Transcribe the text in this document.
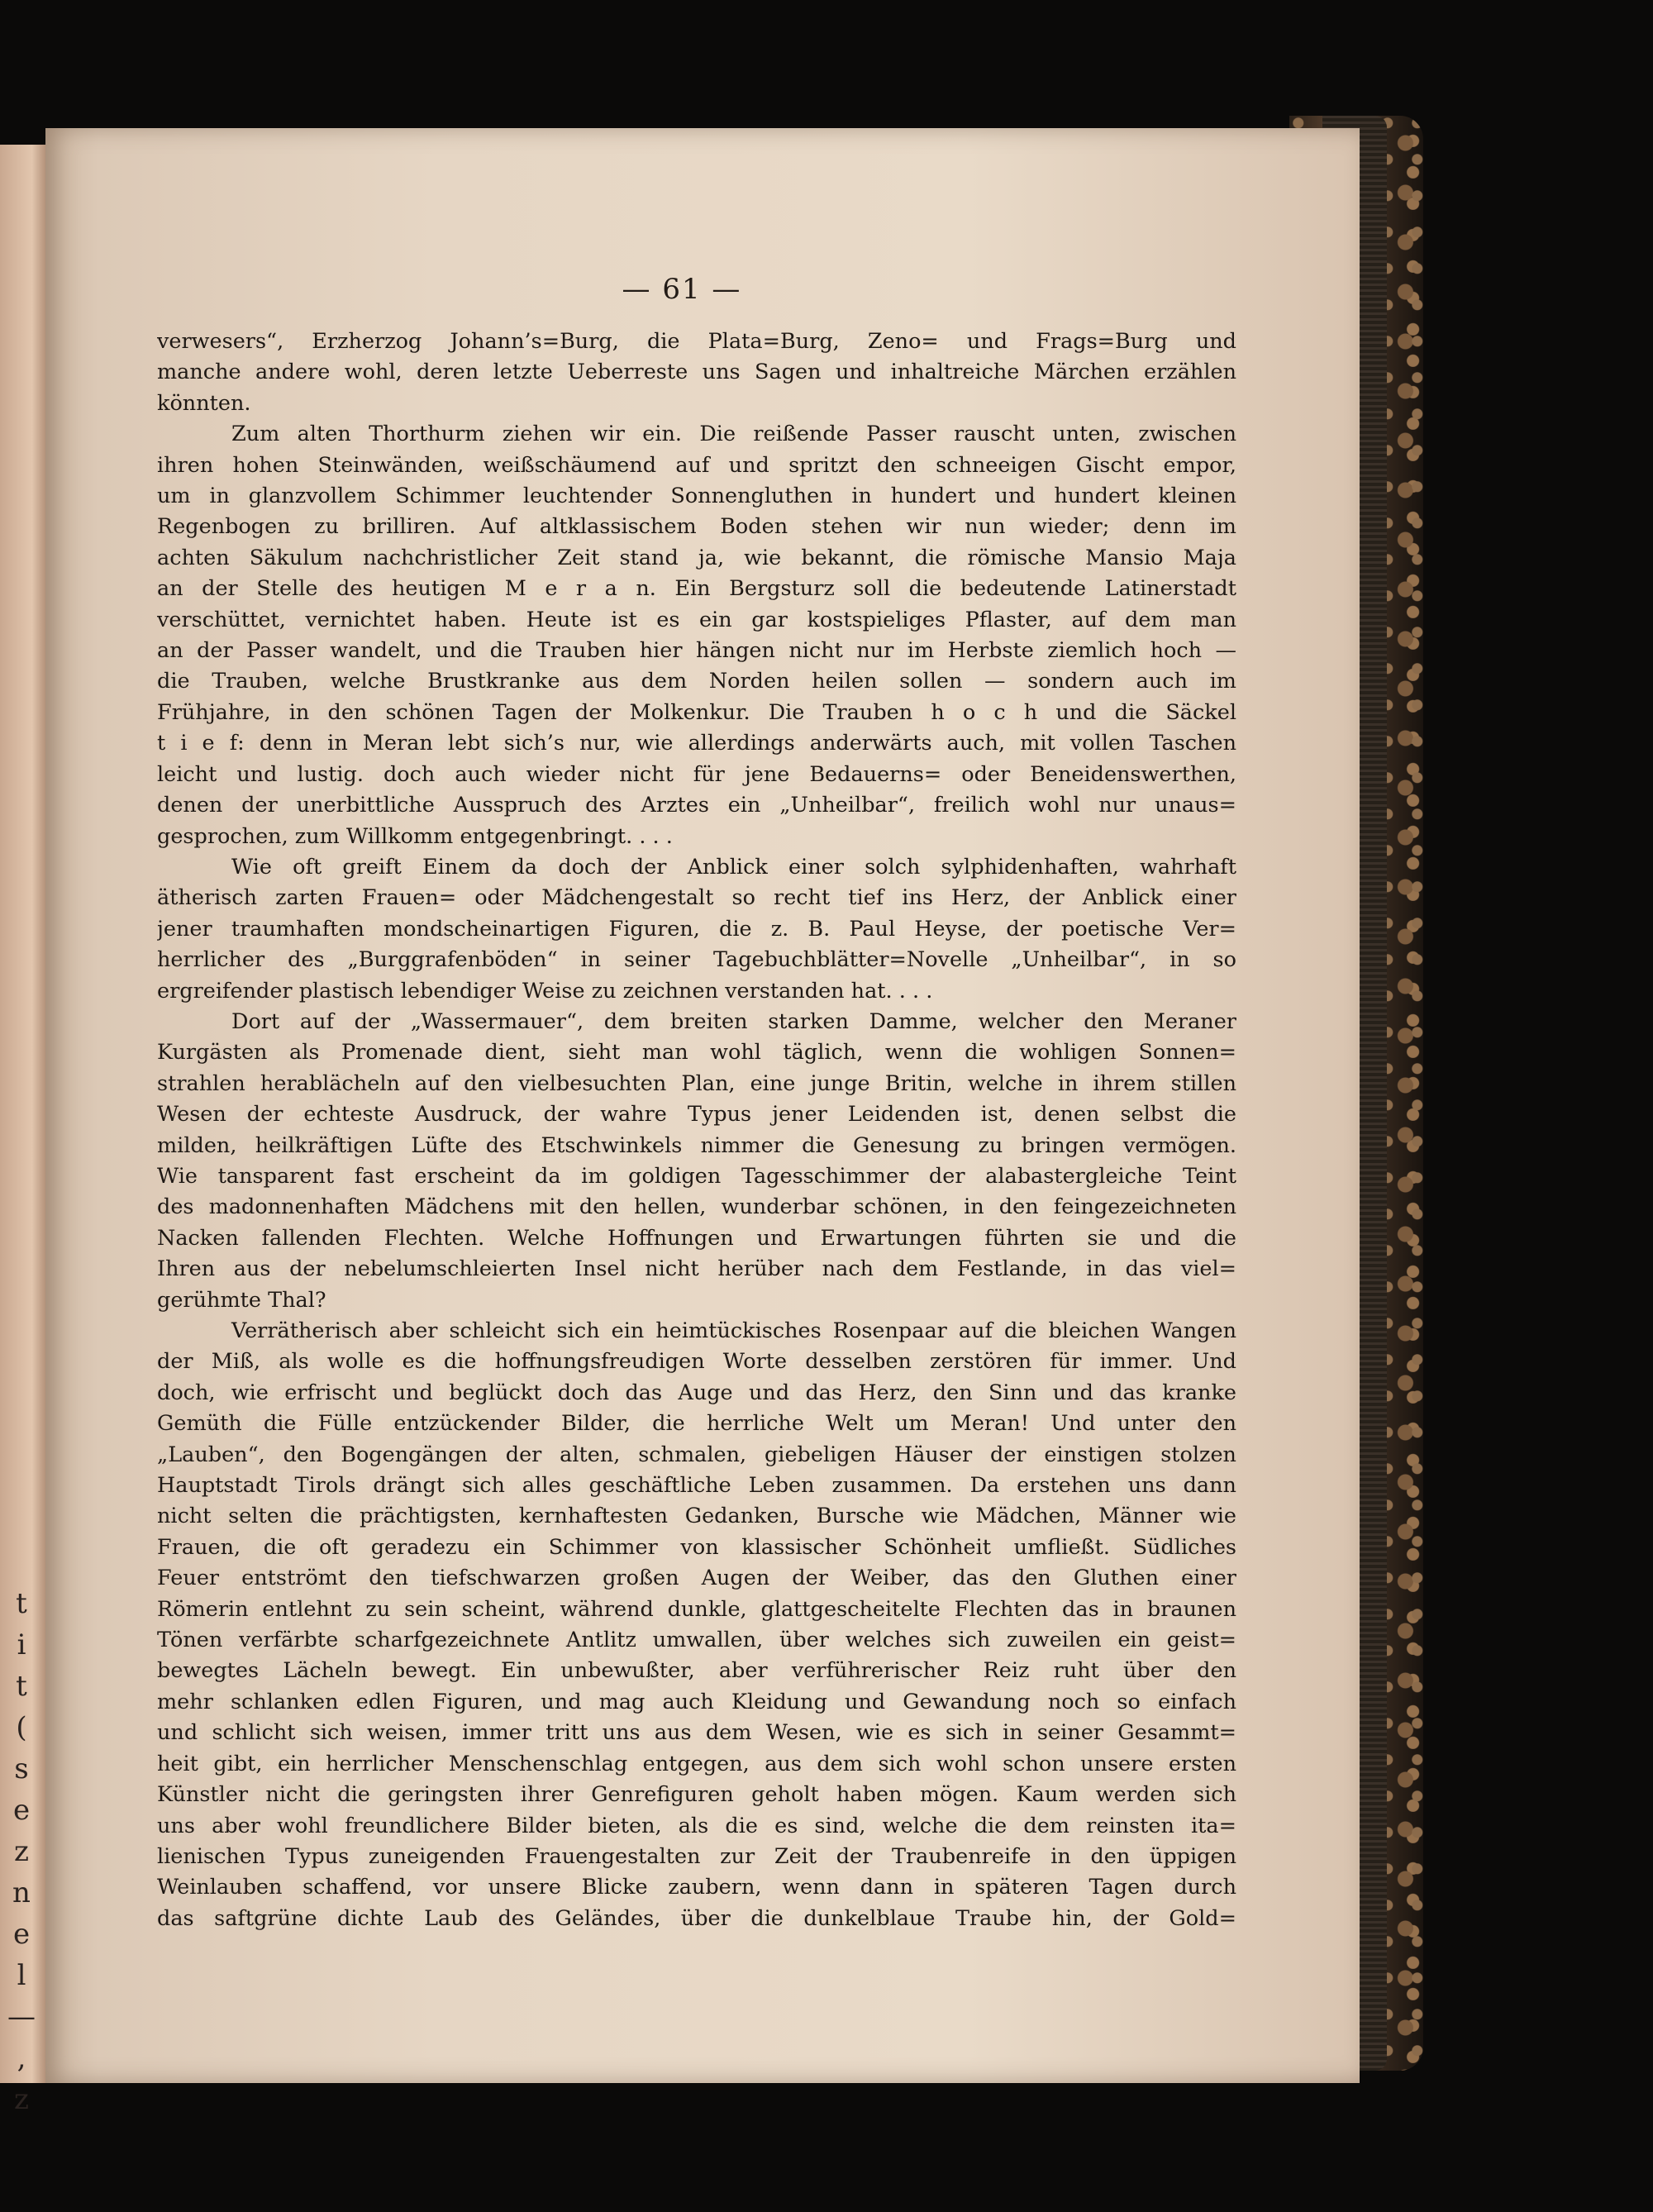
t
i
t
(
s
e
z
n
e
l
—
,
z
— 61 —
verwesers“, Erzherzog Johann’s=Burg, die Plata=Burg, Zeno= und Frags=Burg und
manche andere wohl, deren letzte Ueberreste uns Sagen und inhaltreiche Märchen erzählen
könnten.
Zum alten Thorthurm ziehen wir ein. Die reißende Passer rauscht unten, zwischen
ihren hohen Steinwänden, weißschäumend auf und spritzt den schneeigen Gischt empor,
um in glanzvollem Schimmer leuchtender Sonnengluthen in hundert und hundert kleinen
Regenbogen zu brilliren. Auf altklassischem Boden stehen wir nun wieder; denn im
achten Säkulum nachchristlicher Zeit stand ja, wie bekannt, die römische Mansio Maja
an der Stelle des heutigen M e r a n. Ein Bergsturz soll die bedeutende Latinerstadt
verschüttet, vernichtet haben. Heute ist es ein gar kostspieliges Pflaster, auf dem man
an der Passer wandelt, und die Trauben hier hängen nicht nur im Herbste ziemlich hoch —
die Trauben, welche Brustkranke aus dem Norden heilen sollen — sondern auch im
Frühjahre, in den schönen Tagen der Molkenkur. Die Trauben h o c h und die Säckel
t i e f: denn in Meran lebt sich’s nur, wie allerdings anderwärts auch, mit vollen Taschen
leicht und lustig. doch auch wieder nicht für jene Bedauerns= oder Beneidenswerthen,
denen der unerbittliche Ausspruch des Arztes ein „Unheilbar“, freilich wohl nur unaus=
gesprochen, zum Willkomm entgegenbringt. . . .
Wie oft greift Einem da doch der Anblick einer solch sylphidenhaften, wahrhaft
ätherisch zarten Frauen= oder Mädchengestalt so recht tief ins Herz, der Anblick einer
jener traumhaften mondscheinartigen Figuren, die z. B. Paul Heyse, der poetische Ver=
herrlicher des „Burggrafenböden“ in seiner Tagebuchblätter=Novelle „Unheilbar“, in so
ergreifender plastisch lebendiger Weise zu zeichnen verstanden hat. . . .
Dort auf der „Wassermauer“, dem breiten starken Damme, welcher den Meraner
Kurgästen als Promenade dient, sieht man wohl täglich, wenn die wohligen Sonnen=
strahlen herablächeln auf den vielbesuchten Plan, eine junge Britin, welche in ihrem stillen
Wesen der echteste Ausdruck, der wahre Typus jener Leidenden ist, denen selbst die
milden, heilkräftigen Lüfte des Etschwinkels nimmer die Genesung zu bringen vermögen.
Wie tansparent fast erscheint da im goldigen Tagesschimmer der alabastergleiche Teint
des madonnenhaften Mädchens mit den hellen, wunderbar schönen, in den feingezeichneten
Nacken fallenden Flechten. Welche Hoffnungen und Erwartungen führten sie und die
Ihren aus der nebelumschleierten Insel nicht herüber nach dem Festlande, in das viel=
gerühmte Thal?
Verrätherisch aber schleicht sich ein heimtückisches Rosenpaar auf die bleichen Wangen
der Miß, als wolle es die hoffnungsfreudigen Worte desselben zerstören für immer. Und
doch, wie erfrischt und beglückt doch das Auge und das Herz, den Sinn und das kranke
Gemüth die Fülle entzückender Bilder, die herrliche Welt um Meran! Und unter den
„Lauben“, den Bogengängen der alten, schmalen, giebeligen Häuser der einstigen stolzen
Hauptstadt Tirols drängt sich alles geschäftliche Leben zusammen. Da erstehen uns dann
nicht selten die prächtigsten, kernhaftesten Gedanken, Bursche wie Mädchen, Männer wie
Frauen, die oft geradezu ein Schimmer von klassischer Schönheit umfließt. Südliches
Feuer entströmt den tiefschwarzen großen Augen der Weiber, das den Gluthen einer
Römerin entlehnt zu sein scheint, während dunkle, glattgescheitelte Flechten das in braunen
Tönen verfärbte scharfgezeichnete Antlitz umwallen, über welches sich zuweilen ein geist=
bewegtes Lächeln bewegt. Ein unbewußter, aber verführerischer Reiz ruht über den
mehr schlanken edlen Figuren, und mag auch Kleidung und Gewandung noch so einfach
und schlicht sich weisen, immer tritt uns aus dem Wesen, wie es sich in seiner Gesammt=
heit gibt, ein herrlicher Menschenschlag entgegen, aus dem sich wohl schon unsere ersten
Künstler nicht die geringsten ihrer Genrefiguren geholt haben mögen. Kaum werden sich
uns aber wohl freundlichere Bilder bieten, als die es sind, welche die dem reinsten ita=
lienischen Typus zuneigenden Frauengestalten zur Zeit der Traubenreife in den üppigen
Weinlauben schaffend, vor unsere Blicke zaubern, wenn dann in späteren Tagen durch
das saftgrüne dichte Laub des Geländes, über die dunkelblaue Traube hin, der Gold=
